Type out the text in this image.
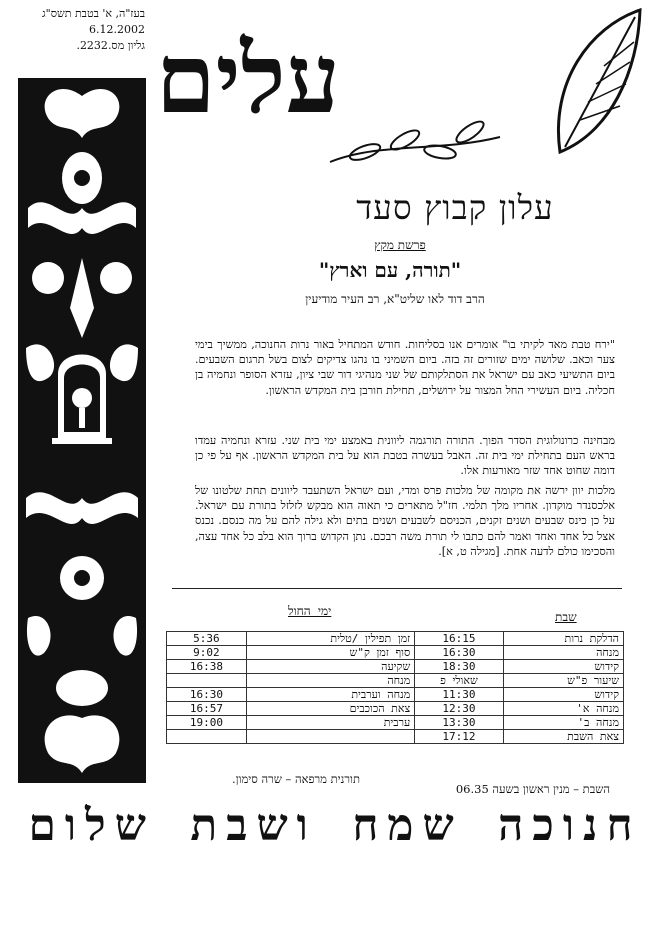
בעז"ה, א' בטבת תשס"ג
6.12.2002
גליון מס.2232. עלים
עלון קבוץ סעד
פרשת מקץ
"תורה, עם וארץ"
הרב דוד לאו שליט"א, רב העיר מודיעין
"ירח טבת מאד לקיתי בו" אומרים אנו בסליחות. חודש המתחיל באור נרות החנוכה, ממשיך בימי צער וכאב. שלושה ימים שזורים זה בזה. ביום השמיני בו נהגו צדיקים לצום בשל תרגום השבעים. ביום התשיעי כאב עם ישראל את הסתלקותם של שני מנהיגי דור שבי ציון, עזרא הסופר ונחמיה בן חכליה. ביום העשירי החל המצור על ירושלים, תחילת חורבן בית המקדש הראשון.
מבחינה כרונולוגית הסדר הפוך. התורה תורגמה ליוונית באמצע ימי בית שני. עזרא ונחמיה עמדו בראש העם בתחילת ימי בית זה. האבל בעשרה בטבת הוא על בית המקדש הראשון. אף על פי כן דומה שחוט אחד שזר מאורעות אלו.
מלכות יוון ירשה את מקומה של מלכות פרס ומדי, ועם ישראל השתעבד ליוונים תחת שלטונו של אלכסנדר מוקדון. אחריו מלך תלמי. חז"ל מתארים כי תאוה הוא מבקש לזלזל בתורת עם ישראל. על כן כינס שבעים ושנים זקנים, הכניסם לשבעים ושנים בתים ולא גילה להם על מה כנסם. נכנס אצל כל אחד ואחד ואמר להם כתבו לי תורת משה רבכם. נתן הקדוש ברוך הוא בלב כל אחד עצה, והסכימו כולם לדעה אחת. [מגילה ט, א].
שבת
ימי החול
5:36	זמן תפילין /טלית	16:15	הדלקת נרות
9:02	סוף זמן ק"ש	16:30	מנחה
16:38	שקיעה	18:30	קידוש
	מנחה	שאולי פ	שיעור פ"ש
16:30	מנחה וערבית	11:30	קידוש
16:57	צאת הכוכבים	12:30	מנחה א'
19:00	ערבית	13:30	מנחה ב'
		17:12	צאת השבת
תורנית מרפאה – שרה סימון.
השבת – מנין ראשון בשעה 06.35
חנוכה שמח ושבת שלום
